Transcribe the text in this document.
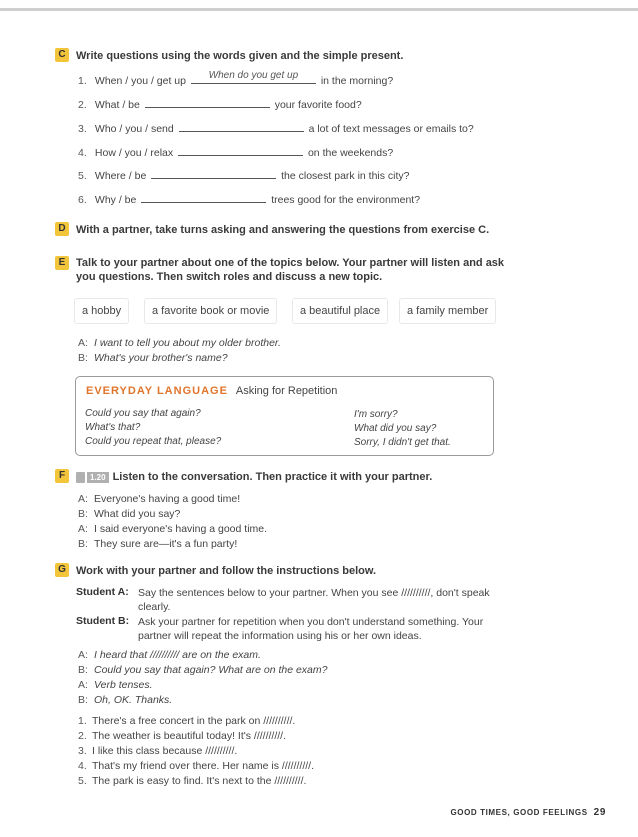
C Write questions using the words given and the simple present.
1. When / you / get up	When do you get up	in the morning?
2. What / be	your favorite food?
3. Who / you / send	a lot of text messages or emails to?
4. How / you / relax	on the weekends?
5. Where / be	the closest park in this city?
6. Why / be	trees good for the environment?
D With a partner, take turns asking and answering the questions from exercise C.
E Talk to your partner about one of the topics below. Your partner will listen and ask you questions. Then switch roles and discuss a new topic.
a hobby	a favorite book or movie	a beautiful place	a family member
A: I want to tell you about my older brother.
B: What's your brother's name?
EVERYDAY LANGUAGE Asking for Repetition
Could you say that again?
What's that?
Could you repeat that, please?
I'm sorry?
What did you say?
Sorry, I didn't get that.
F	1.20 Listen to the conversation. Then practice it with your partner.
A: Everyone's having a good time!
B: What did you say?
A: I said everyone's having a good time.
B: They sure are—it's a fun party!
G Work with your partner and follow the instructions below.
Student A: Say the sentences below to your partner. When you see //////////, don't speak clearly.
Student B: Ask your partner for repetition when you don't understand something. Your partner will repeat the information using his or her own ideas.
A: I heard that ////////// are on the exam.
B: Could you say that again? What are on the exam?
A: Verb tenses.
B: Oh, OK. Thanks.
1. There's a free concert in the park on //////////.
2. The weather is beautiful today! It's //////////.
3. I like this class because //////////.
4. That's my friend over there. Her name is //////////.
5. The park is easy to find. It's next to the //////////.
GOOD TIMES, GOOD FEELINGS 29
